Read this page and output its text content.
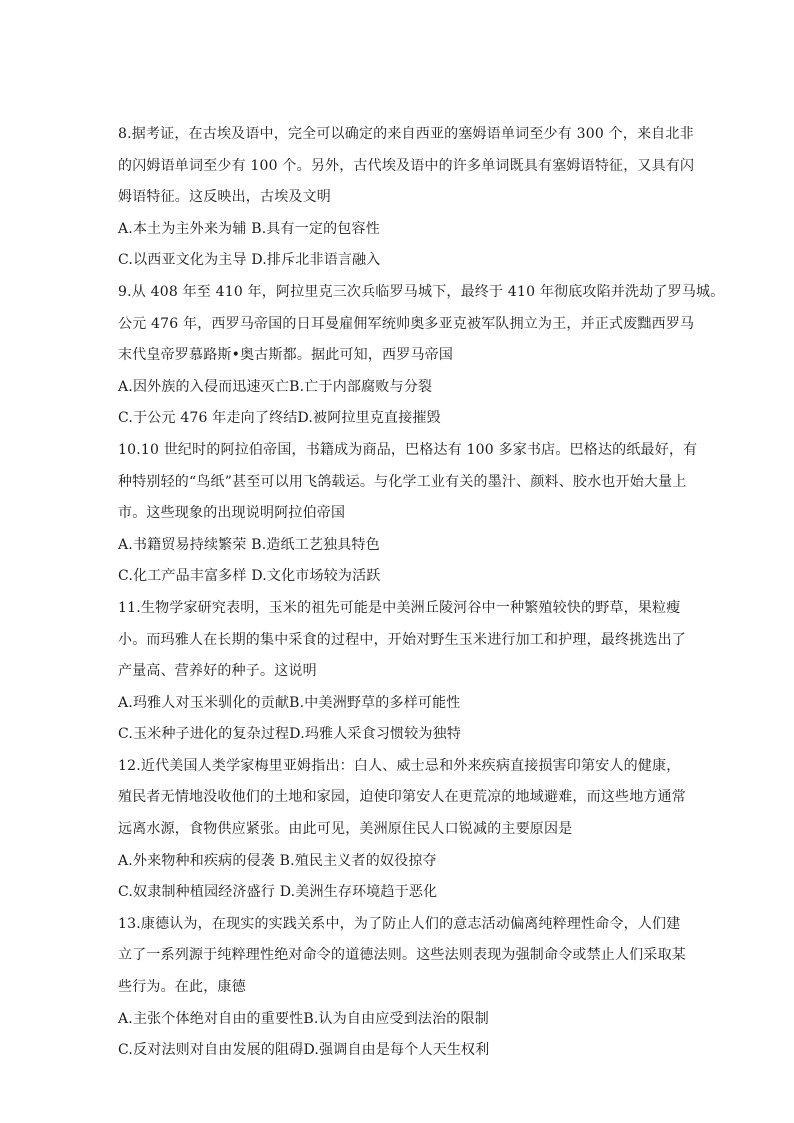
8.据考证，在古埃及语中，完全可以确定的来自西亚的塞姆语单词至少有 300 个，来自北非
的闪姆语单词至少有 100 个。另外，古代埃及语中的许多单词既具有塞姆语特征，又具有闪
姆语特征。这反映出，古埃及文明
A.本土为主外来为辅 B.具有一定的包容性
C.以西亚文化为主导 D.排斥北非语言融入
9.从 408 年至 410 年，阿拉里克三次兵临罗马城下，最终于 410 年彻底攻陷并洗劫了罗马城。
公元 476 年，西罗马帝国的日耳曼雇佣军统帅奥多亚克被军队拥立为王，并正式废黜西罗马
末代皇帝罗慕路斯•奥古斯都。据此可知，西罗马帝国
A.因外族的入侵而迅速灭亡B.亡于内部腐败与分裂
C.于公元 476 年走向了终结D.被阿拉里克直接摧毁
10.10 世纪时的阿拉伯帝国，书籍成为商品，巴格达有 100 多家书店。巴格达的纸最好，有
种特别轻的“鸟纸”甚至可以用飞鸽载运。与化学工业有关的墨汁、颜料、胶水也开始大量上
市。这些现象的出现说明阿拉伯帝国
A.书籍贸易持续繁荣 B.造纸工艺独具特色
C.化工产品丰富多样 D.文化市场较为活跃
11.生物学家研究表明，玉米的祖先可能是中美洲丘陵河谷中一种繁殖较快的野草，果粒瘦
小。而玛雅人在长期的集中采食的过程中，开始对野生玉米进行加工和护理，最终挑选出了
产量高、营养好的种子。这说明
A.玛雅人对玉米驯化的贡献B.中美洲野草的多样可能性
C.玉米种子进化的复杂过程D.玛雅人采食习惯较为独特
12.近代美国人类学家梅里亚姆指出：白人、威士忌和外来疾病直接损害印第安人的健康，
殖民者无情地没收他们的土地和家园，迫使印第安人在更荒凉的地域避难，而这些地方通常
远离水源，食物供应紧张。由此可见，美洲原住民人口锐减的主要原因是
A.外来物种和疾病的侵袭 B.殖民主义者的奴役掠夺
C.奴隶制种植园经济盛行 D.美洲生存环境趋于恶化
13.康德认为，在现实的实践关系中，为了防止人们的意志活动偏离纯粹理性命令，人们建
立了一系列源于纯粹理性绝对命令的道德法则。这些法则表现为强制命令或禁止人们采取某
些行为。在此，康德
A.主张个体绝对自由的重要性B.认为自由应受到法治的限制
C.反对法则对自由发展的阻碍D.强调自由是每个人天生权利
